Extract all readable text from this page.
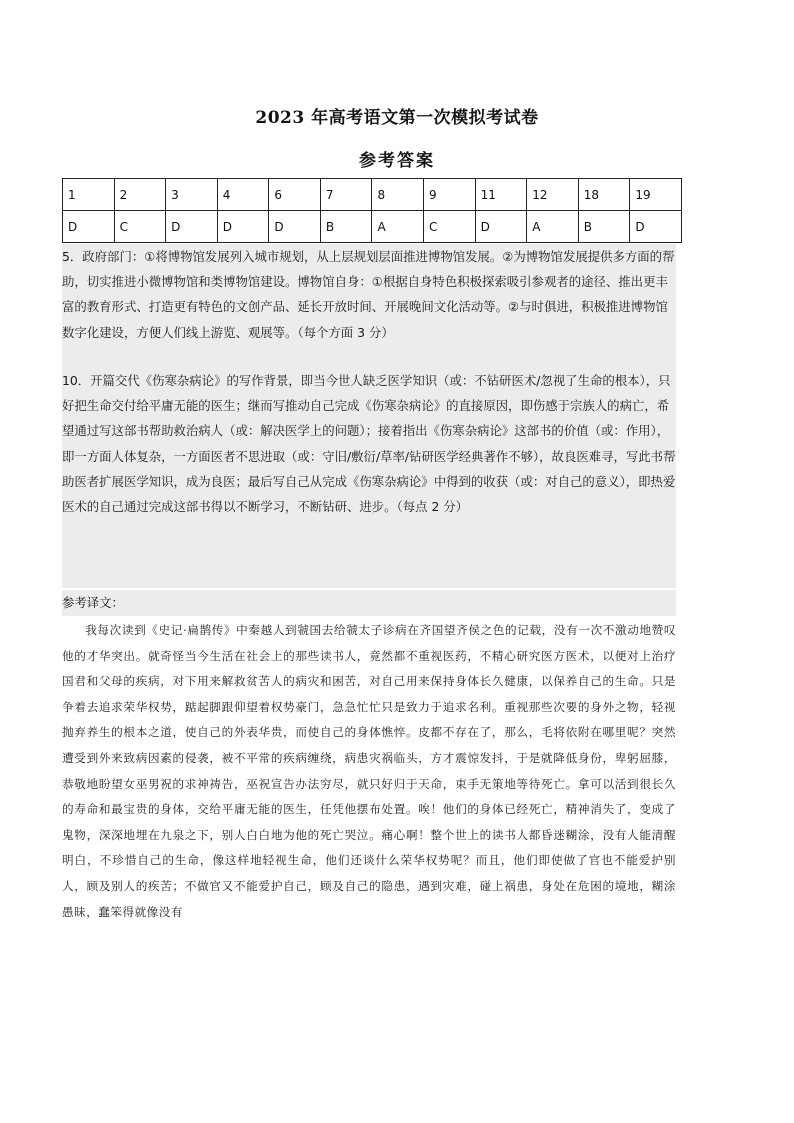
2023 年高考语文第一次模拟考试卷
参考答案
1	2	3	4	6	7	8	9	11	12	18	19
D	C	D	D	D	B	A	C	D	A	B	D
5．政府部门：①将博物馆发展列入城市规划，从上层规划层面推进博物馆发展。②为博物馆发展提供多方面的帮助，切实推进小微博物馆和类博物馆建设。博物馆自身：①根据自身特色积极探索吸引参观者的途径、推出更丰富的教育形式、打造更有特色的文创产品、延长开放时间、开展晚间文化活动等。②与时俱进，积极推进博物馆数字化建设，方便人们线上游览、观展等。（每个方面 3 分）
10．开篇交代《伤寒杂病论》的写作背景，即当今世人缺乏医学知识（或：不钻研医术/忽视了生命的根本），只好把生命交付给平庸无能的医生；继而写推动自己完成《伤寒杂病论》的直接原因，即伤感于宗族人的病亡，希望通过写这部书帮助救治病人（或：解决医学上的问题）；接着指出《伤寒杂病论》这部书的价值（或：作用），即一方面人体复杂，一方面医者不思进取（或：守旧/敷衍/草率/钻研医学经典著作不够），故良医难寻，写此书帮助医者扩展医学知识，成为良医；最后写自己从完成《伤寒杂病论》中得到的收获（或：对自己的意义），即热爱医术的自己通过完成这部书得以不断学习，不断钻研、进步。（每点 2 分）
参考译文：
我每次读到《史记·扁鹊传》中秦越人到虢国去给虢太子诊病在齐国望齐侯之色的记载，没有一次不激动地赞叹他的才华突出。就奇怪当今生活在社会上的那些读书人，竟然都不重视医药，不精心研究医方医术，以便对上治疗国君和父母的疾病，对下用来解救贫苦人的病灾和困苦，对自己用来保持身体长久健康，以保养自己的生命。只是争着去追求荣华权势，踮起脚跟仰望着权势豪门，急急忙忙只是致力于追求名利。重视那些次要的身外之物，轻视抛弃养生的根本之道，使自己的外表华贵，而使自己的身体憔悴。皮都不存在了，那么，毛将依附在哪里呢？突然遭受到外来致病因素的侵袭，被不平常的疾病缠绕，病患灾祸临头，方才震惊发抖，于是就降低身份，卑躬屈膝，恭敬地盼望女巫男祝的求神祷告，巫祝宣告办法穷尽，就只好归于天命，束手无策地等待死亡。拿可以活到很长久的寿命和最宝贵的身体，交给平庸无能的医生，任凭他摆布处置。唉！他们的身体已经死亡，精神消失了，变成了鬼物，深深地埋在九泉之下，别人白白地为他的死亡哭泣。痛心啊！整个世上的读书人都昏迷糊涂，没有人能清醒明白，不珍惜自己的生命，像这样地轻视生命，他们还谈什么荣华权势呢？而且，他们即使做了官也不能爱护别人，顾及别人的疾苦；不做官又不能爱护自己，顾及自己的隐患，遇到灾难，碰上祸患，身处在危困的境地，糊涂愚昧，蠢笨得就像没有
